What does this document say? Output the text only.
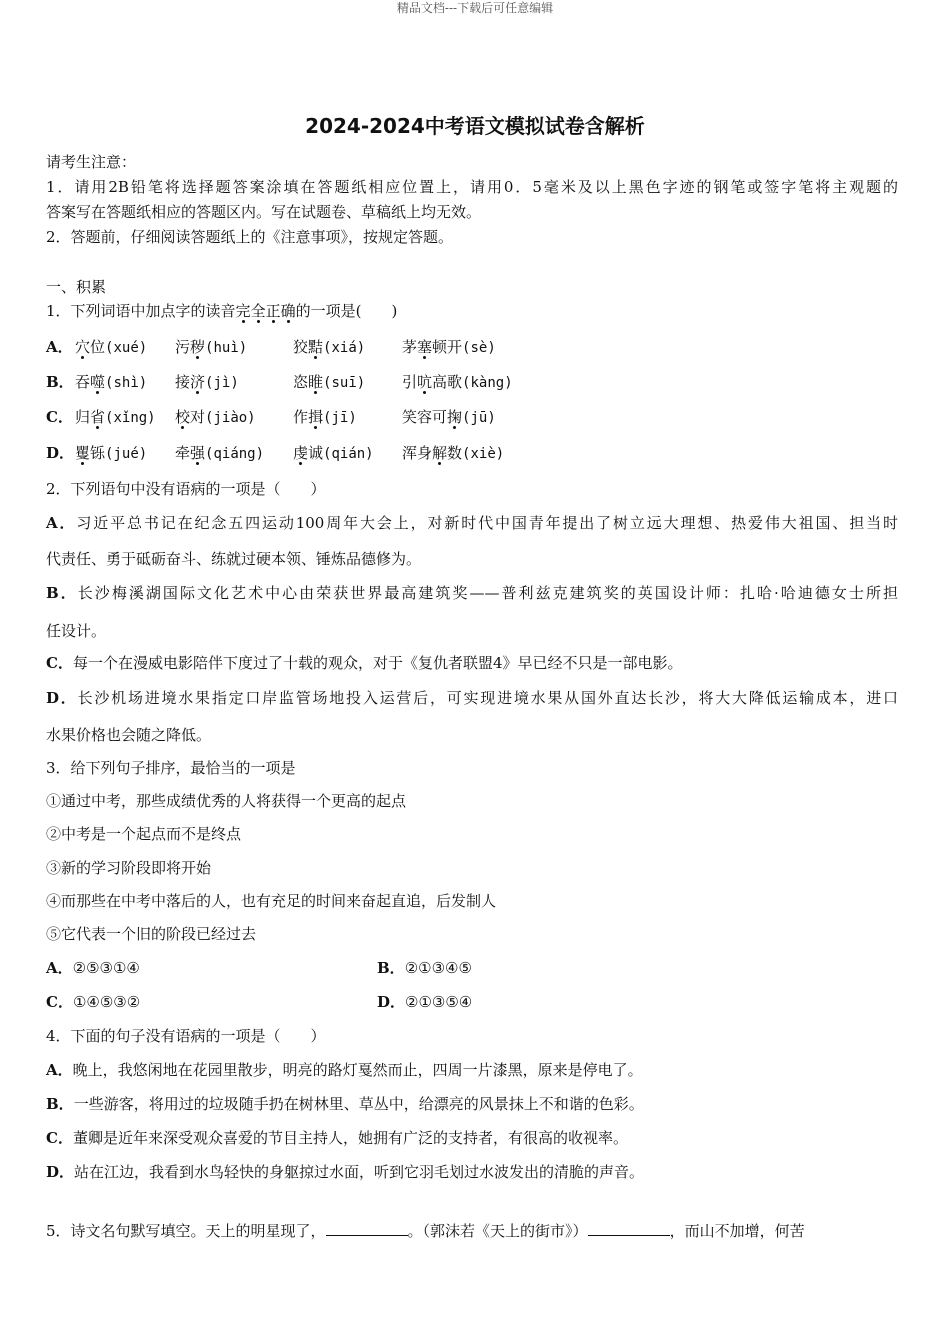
精品文档---下载后可任意编辑
2024-2024中考语文模拟试卷含解析
请考生注意：
1．请用2B铅笔将选择题答案涂填在答题纸相应位置上，请用0．5毫米及以上黑色字迹的钢笔或签字笔将主观题的
答案写在答题纸相应的答题区内。写在试题卷、草稿纸上均无效。
2．答题前，仔细阅读答题纸上的《注意事项》，按规定答题。
一、积累
1．下列词语中加点字的读音完全正确的一项是(　　)
A． 穴位(xué) 污秽(huì)	狡黠(xiá) 茅塞顿开(sè)
B． 吞噬(shì) 接济(jì)	恣睢(suī) 引吭高歌(kàng)
C． 归省(xǐng) 校对(jiào) 作揖(jī)	笑容可掬(jū)
D． 矍铄(jué) 牵强(qiáng) 虔诚(qián) 浑身解数(xiè)
2．下列语句中没有语病的一项是（　　）
A．习近平总书记在纪念五四运动100周年大会上，对新时代中国青年提出了树立远大理想、热爱伟大祖国、担当时
代责任、勇于砥砺奋斗、练就过硬本领、锤炼品德修为。
B．长沙梅溪湖国际文化艺术中心由荣获世界最高建筑奖——普利兹克建筑奖的英国设计师：扎哈·哈迪德女士所担
任设计。
C．每一个在漫威电影陪伴下度过了十载的观众，对于《复仇者联盟4》早已经不只是一部电影。
D．长沙机场进境水果指定口岸监管场地投入运营后，可实现进境水果从国外直达长沙，将大大降低运输成本，进口
水果价格也会随之降低。
3．给下列句子排序，最恰当的一项是
①通过中考，那些成绩优秀的人将获得一个更高的起点
②中考是一个起点而不是终点
③新的学习阶段即将开始
④而那些在中考中落后的人，也有充足的时间来奋起直追，后发制人
⑤它代表一个旧的阶段已经过去
A．②⑤③①④	B．②①③④⑤
C．①④⑤③②	D．②①③⑤④
4．下面的句子没有语病的一项是（　　）
A．晚上，我悠闲地在花园里散步，明亮的路灯戛然而止，四周一片漆黑，原来是停电了。
B．一些游客，将用过的垃圾随手扔在树林里、草丛中，给漂亮的风景抹上不和谐的色彩。
C．董卿是近年来深受观众喜爱的节目主持人，她拥有广泛的支持者，有很高的收视率。
D．站在江边，我看到水鸟轻快的身躯掠过水面，听到它羽毛划过水波发出的清脆的声音。
5．诗文名句默写填空。天上的明星现了，	。（郭沫若《天上的街市》）	，而山不加增，何苦
